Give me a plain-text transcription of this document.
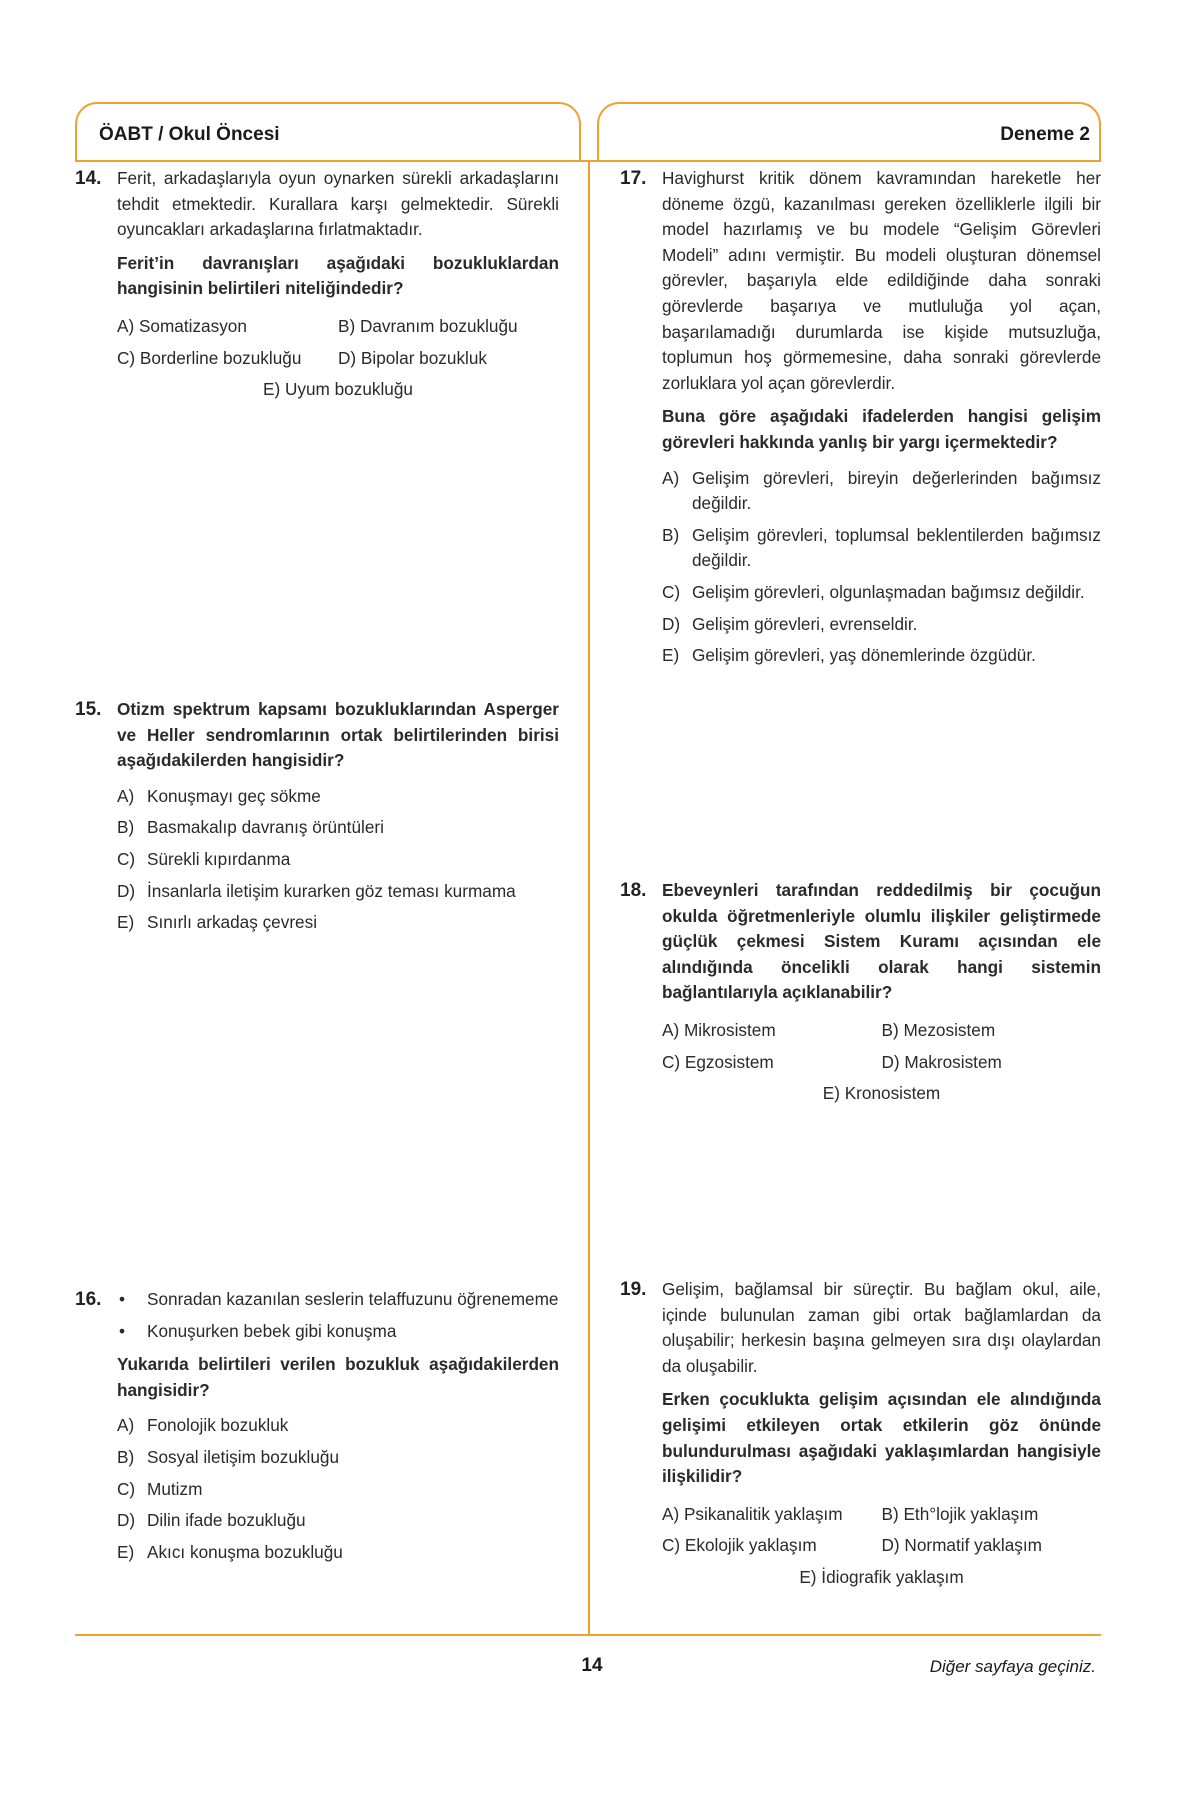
ÖABT / Okul Öncesi	Deneme 2
14. Ferit, arkadaşlarıyla oyun oynarken sürekli arkadaşlarını tehdit etmektedir. Kurallara karşı gelmektedir. Sürekli oyuncakları arkadaşlarına fırlatmaktadır.

Ferit’in davranışları aşağıdaki bozukluklardan hangisinin belirtileri niteliğindedir?

A) Somatizasyon	B) Davranım bozukluğu
C) Borderline bozukluğu	D) Bipolar bozukluk
E) Uyum bozukluğu
15. Otizm spektrum kapsamı bozukluklarından Asperger ve Heller sendromlarının ortak belirtilerinden birisi aşağıdakilerden hangisidir?

A) Konuşmayı geç sökme
B) Basmakalıp davranış örüntüleri
C) Sürekli kıpırdanma
D) İnsanlarla iletişim kurarken göz teması kurmama
E) Sınırlı arkadaş çevresi
16. • Sonradan kazanılan seslerin telaffuzunu öğrenememe
• Konuşurken bebek gibi konuşma

Yukarıda belirtileri verilen bozukluk aşağıdakilerden hangisidir?

A) Fonolojik bozukluk
B) Sosyal iletişim bozukluğu
C) Mutizm
D) Dilin ifade bozukluğu
E) Akıcı konuşma bozukluğu
17. Havighurst kritik dönem kavramından hareketle her döneme özgü, kazanılması gereken özelliklerle ilgili bir model hazırlamış ve bu modele “Gelişim Görevleri Modeli” adını vermiştir. Bu modeli oluşturan dönemsel görevler, başarıyla elde edildiğinde daha sonraki görevlerde başarıya ve mutluluğa yol açan, başarılamadığı durumlarda ise kişide mutsuzluğa, toplumun hoş görmemesine, daha sonraki görevlerde zorluklara yol açan görevlerdir.

Buna göre aşağıdaki ifadelerden hangisi gelişim görevleri hakkında yanlış bir yargı içermektedir?

A) Gelişim görevleri, bireyin değerlerinden bağımsız değildir.
B) Gelişim görevleri, toplumsal beklentilerden bağımsız değildir.
C) Gelişim görevleri, olgunlaşmadan bağımsız değildir.
D) Gelişim görevleri, evrenseldir.
E) Gelişim görevleri, yaş dönemlerinde özgüdür.
18. Ebeveynleri tarafından reddedilmiş bir çocuğun okulda öğretmenleriyle olumlu ilişkiler geliştirmede güçlük çekmesi Sistem Kuramı açısından ele alındığında öncelikli olarak hangi sistemin bağlantılarıyla açıklanabilir?

A) Mikrosistem	B) Mezosistem
C) Egzosistem	D) Makrosistem
E) Kronosistem
19. Gelişim, bağlamsal bir süreçtir. Bu bağlam okul, aile, içinde bulunulan zaman gibi ortak bağlamlardan da oluşabilir; herkesin başına gelmeyen sıra dışı olaylardan da oluşabilir.

Erken çocuklukta gelişim açısından ele alındığında gelişimi etkileyen ortak etkilerin göz önünde bulundurulması aşağıdaki yaklaşımlardan hangisiyle ilişkilidir?

A) Psikanalitik yaklaşım	B) Eth°lojik yaklaşım
C) Ekolojik yaklaşım	D) Normatif yaklaşım
E) İdiografik yaklaşım
14	Diğer sayfaya geçiniz.
